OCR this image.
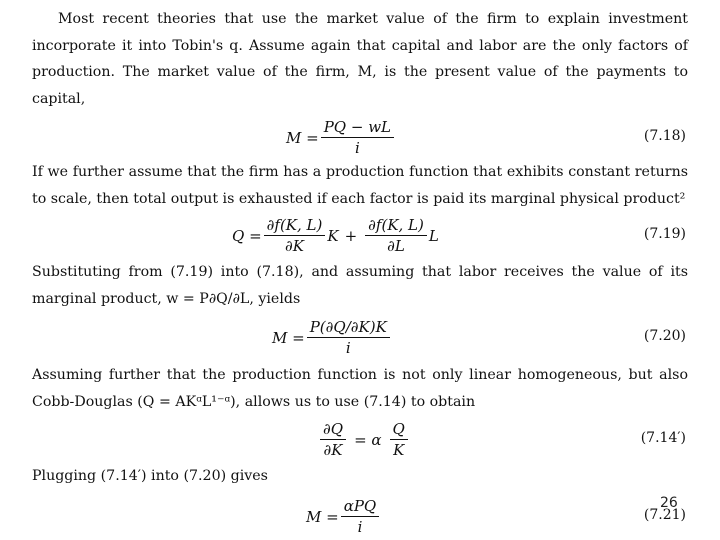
Most recent theories that use the market value of the firm to explain investment incorporate it into Tobin's q. Assume again that capital and labor are the only factors of production. The market value of the firm, M, is the present value of the payments to capital,

$M = \frac{PQ - wL}{i}$	(7.18)

If we further assume that the firm has a production function that exhibits constant returns to scale, then total output is exhausted if each factor is paid its marginal physical product²

$Q = \frac{\partial f(K, L)}{\partial K}$ $K + \frac{\partial f(K, L)}{\partial L}$ L	(7.19)

Substituting from (7.19) into (7.18), and assuming that labor receives the value of its marginal product, w = P∂Q/∂L, yields

$M = \frac{P(\partial Q/\partial K)K}{i}$	(7.20)

Assuming further that the production function is not only linear homogeneous, but also Cobb-Douglas (Q = AKᵅL¹⁻ᵅ), allows us to use (7.14) to obtain

$\frac{\partial Q}{\partial K} = \alpha \frac{Q}{K}$	(7.14′)

Plugging (7.14′) into (7.20) gives

$M = \frac{\text{αPQ}}{i}$	(7.21)
26
